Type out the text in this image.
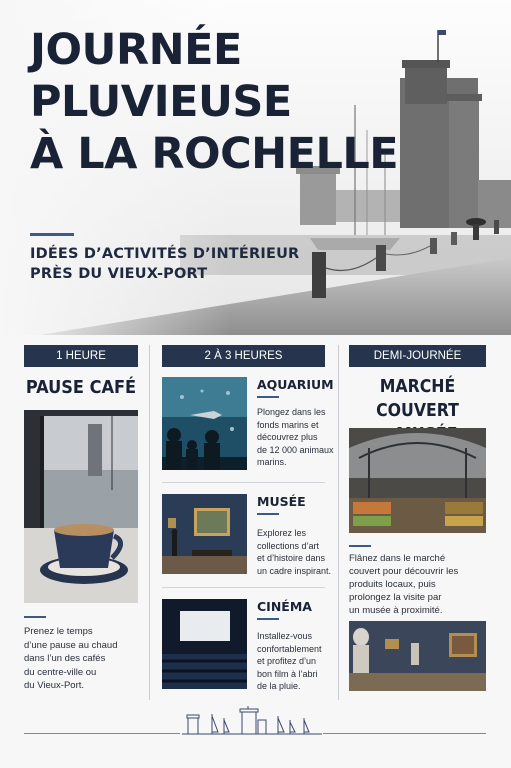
JOURNÉE
PLUVIEUSE
À LA ROCHELLE
IDÉES D’ACTIVITÉS D’INTÉRIEUR
PRÈS DU VIEUX-PORT
1 HEURE
PAUSE CAFÉ
Prenez le temps
d’une pause au chaud
dans l’un des cafés
du centre-ville ou
du Vieux-Port.
2 À 3 HEURES
AQUARIUM
Plongez dans les
fonds marins et
découvrez plus
de 12 000 animaux
marins.
MUSÉE
Explorez les
collections d’art
et d’histoire dans
un cadre inspirant.
CINÉMA
Installez-vous
confortablement
et profitez d’un
bon film à l’abri
de la pluie.
DEMI-JOURNÉE
MARCHÉ COUVERT
Flânez dans le marché
couvert pour découvrir les
produits locaux, puis
prolongez la visite par
un musée à proximité.
